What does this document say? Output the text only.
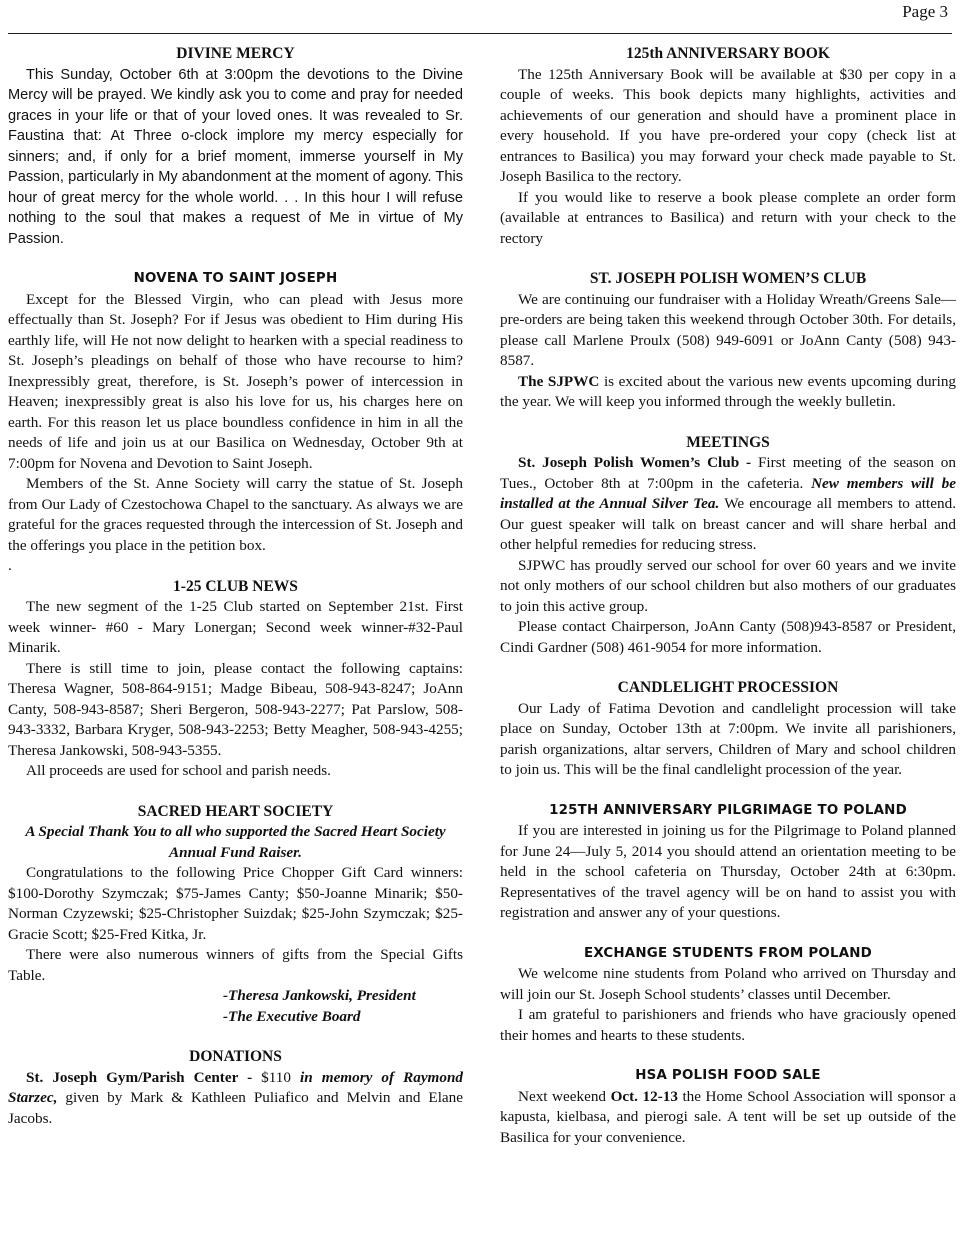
Page 3
DIVINE MERCY

This Sunday, October 6th at 3:00pm the devotions to the Divine Mercy will be prayed. We kindly ask you to come and pray for needed graces in your life or that of your loved ones. It was revealed to Sr. Faustina that: At Three o-clock implore my mercy especially for sinners; and, if only for a brief moment, immerse yourself in My Passion, particularly in My abandonment at the moment of agony. This hour of great mercy for the whole world. . . In this hour I will refuse nothing to the soul that makes a request of Me in virtue of My Passion.

NOVENA TO SAINT JOSEPH

Except for the Blessed Virgin, who can plead with Jesus more effectually than St. Joseph? For if Jesus was obedient to Him during His earthly life, will He not now delight to hearken with a special readiness to St. Joseph’s pleadings on behalf of those who have recourse to him? Inexpressibly great, therefore, is St. Joseph’s power of intercession in Heaven; inexpressibly great is also his love for us, his charges here on earth. For this reason let us place boundless confidence in him in all the needs of life and join us at our Basilica on Wednesday, October 9th at 7:00pm for Novena and Devotion to Saint Joseph.

Members of the St. Anne Society will carry the statue of St. Joseph from Our Lady of Czestochowa Chapel to the sanctuary. As always we are grateful for the graces requested through the intercession of St. Joseph and the offerings you place in the petition box.

.

1-25 CLUB NEWS

The new segment of the 1-25 Club started on September 21st. First week winner- #60 - Mary Lonergan; Second week winner-#32-Paul Minarik.

There is still time to join, please contact the following captains: Theresa Wagner, 508-864-9151; Madge Bibeau, 508-943-8247; JoAnn Canty, 508-943-8587; Sheri Bergeron, 508-943-2277; Pat Parslow, 508-943-3332, Barbara Kryger, 508-943-2253; Betty Meagher, 508-943-4255; Theresa Jankowski, 508-943-5355.

All proceeds are used for school and parish needs.

SACRED HEART SOCIETY

A Special Thank You to all who supported the Sacred Heart Society Annual Fund Raiser.

Congratulations to the following Price Chopper Gift Card winners: $100-Dorothy Szymczak; $75-James Canty; $50-Joanne Minarik; $50-Norman Czyzewski; $25-Christopher Suizdak; $25-John Szymczak; $25-Gracie Scott; $25-Fred Kitka, Jr.

There were also numerous winners of gifts from the Special Gifts Table.

-Theresa Jankowski, President

-The Executive Board

DONATIONS

St. Joseph Gym/Parish Center - $110 in memory of Raymond Starzec, given by Mark & Kathleen Puliafico and Melvin and Elane Jacobs.

125th ANNIVERSARY BOOK

The 125th Anniversary Book will be available at $30 per copy in a couple of weeks. This book depicts many highlights, activities and achievements of our generation and should have a prominent place in every household. If you have pre-ordered your copy (check list at entrances to Basilica) you may forward your check made payable to St. Joseph Basilica to the rectory.

If you would like to reserve a book please complete an order form (available at entrances to Basilica) and return with your check to the rectory

ST. JOSEPH POLISH WOMEN’S CLUB

We are continuing our fundraiser with a Holiday Wreath/Greens Sale—pre-orders are being taken this weekend through October 30th. For details, please call Marlene Proulx (508) 949-6091 or JoAnn Canty (508) 943-8587.

The SJPWC is excited about the various new events upcoming during the year. We will keep you informed through the weekly bulletin.

MEETINGS

St. Joseph Polish Women’s Club - First meeting of the season on Tues., October 8th at 7:00pm in the cafeteria. New members will be installed at the Annual Silver Tea. We encourage all members to attend. Our guest speaker will talk on breast cancer and will share herbal and other helpful remedies for reducing stress.

SJPWC has proudly served our school for over 60 years and we invite not only mothers of our school children but also mothers of our graduates to join this active group.

Please contact Chairperson, JoAnn Canty (508)943-8587 or President, Cindi Gardner (508) 461-9054 for more information.

CANDLELIGHT PROCESSION

Our Lady of Fatima Devotion and candlelight procession will take place on Sunday, October 13th at 7:00pm. We invite all parishioners, parish organizations, altar servers, Children of Mary and school children to join us. This will be the final candlelight procession of the year.

125TH ANNIVERSARY PILGRIMAGE TO POLAND

If you are interested in joining us for the Pilgrimage to Poland planned for June 24—July 5, 2014 you should attend an orientation meeting to be held in the school cafeteria on Thursday, October 24th at 6:30pm. Representatives of the travel agency will be on hand to assist you with registration and answer any of your questions.

EXCHANGE STUDENTS FROM POLAND

We welcome nine students from Poland who arrived on Thursday and will join our St. Joseph School students’ classes until December.

I am grateful to parishioners and friends who have graciously opened their homes and hearts to these students.

HSA POLISH FOOD SALE

Next weekend Oct. 12-13 the Home School Association will sponsor a kapusta, kielbasa, and pierogi sale. A tent will be set up outside of the Basilica for your convenience.
